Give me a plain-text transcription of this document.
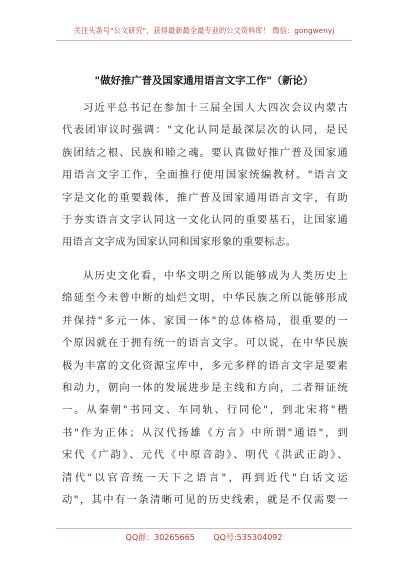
关注头条号"公文研究"，获得最新最全最专业的公文资料库！ 微信：gongwenyj
"做好推广普及国家通用语言文字工作"（新论）
习近平总书记在参加十三届全国人大四次会议内蒙古
代表团审议时强调："文化认同是最深层次的认同，是民
族团结之根、民族和睦之魂。要认真做好推广普及国家通
用语言文字工作，全面推行使用国家统编教材。"语言文
字是文化的重要载体，推广普及国家通用语言文字，有助
于夯实语言文字认同这一文化认同的重要基石，让国家通
用语言文字成为国家认同和国家形象的重要标志。
从历史文化看，中华文明之所以能够成为人类历史上
绵延至今未曾中断的灿烂文明，中华民族之所以能够形成
并保持"多元一体、家国一体"的总体格局，很重要的一
个原因就在于拥有统一的语言文字。可以说，在中华民族
极为丰富的文化资源宝库中，多元多样的语言文字是要素
和动力，朝向一体的发展进步是主线和方向，二者辩证统
一。从秦朝"书同文、车同轨、行同伦"，到北宋将"楷
书"作为正体；从汉代扬雄《方言》中所谓"通语"，到
宋代《广韵》、元代《中原音韵》、明代《洪武正韵》、
清代"以官音统一天下之语言"，再到近代"白话文运
动"，其中有一条清晰可见的历史线索，就是不仅需要一
QQ群：30265665 QQ号:535304092
